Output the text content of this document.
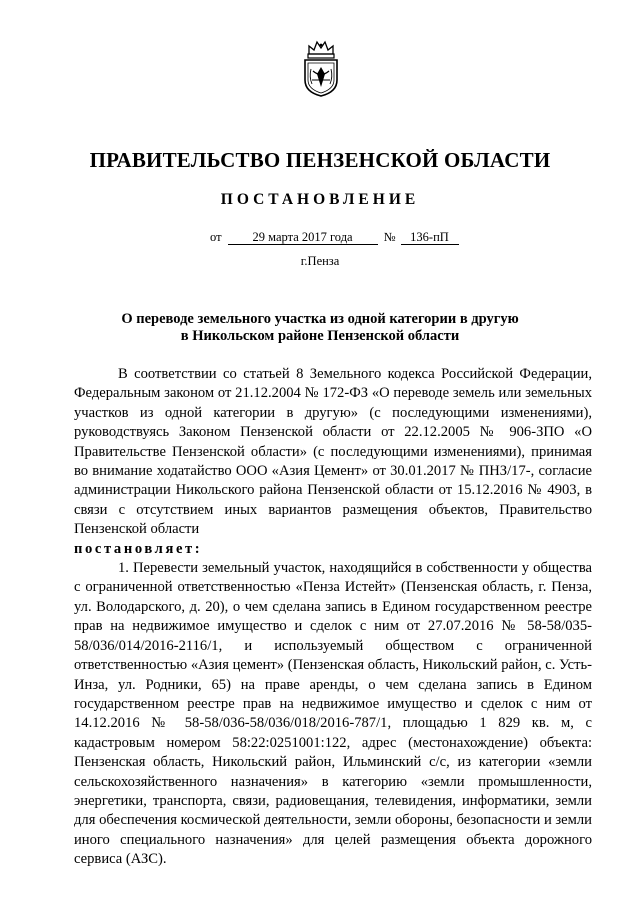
ПРАВИТЕЛЬСТВО ПЕНЗЕНСКОЙ ОБЛАСТИ
ПОСТАНОВЛЕНИЕ
от 29 марта 2017 года № 136-пП
г.Пенза
О переводе земельного участка из одной категории в другую
в Никольском районе Пензенской области

В соответствии со статьей 8 Земельного кодекса Российской Федерации, Федеральным законом от 21.12.2004 № 172-ФЗ «О переводе земель или земельных участков из одной категории в другую» (с последующими изменениями), руководствуясь Законом Пензенской области от 22.12.2005 № 906-ЗПО «О Правительстве Пензенской области» (с последующими изменениями), принимая во внимание ходатайство ООО «Азия Цемент» от 30.01.2017 № ПНЗ/17-, согласие администрации Никольского района Пензенской области от 15.12.2016 № 4903, в связи с отсутствием иных вариантов размещения объектов, Правительство Пензенской области

постановляет:

1. Перевести земельный участок, находящийся в собственности у общества с ограниченной ответственностью «Пенза Истейт» (Пензенская область, г. Пенза, ул. Володарского, д. 20), о чем сделана запись в Едином государственном реестре прав на недвижимое имущество и сделок с ним от 27.07.2016 № 58-58/035-58/036/014/2016-2116/1, и используемый обществом с ограниченной ответственностью «Азия цемент» (Пензенская область, Никольский район, с. Усть-Инза, ул. Родники, 65) на праве аренды, о чем сделана запись в Едином государственном реестре прав на недвижимое имущество и сделок с ним от 14.12.2016 № 58-58/036-58/036/018/2016-787/1, площадью 1 829 кв. м, с кадастровым номером 58:22:0251001:122, адрес (местонахождение) объекта: Пензенская область, Никольский район, Ильминский с/с, из категории «земли сельскохозяйственного назначения» в категорию «земли промышленности, энергетики, транспорта, связи, радиовещания, телевидения, информатики, земли для обеспечения космической деятельности, земли обороны, безопасности и земли иного специального назначения» для целей размещения объекта дорожного сервиса (АЗС).
